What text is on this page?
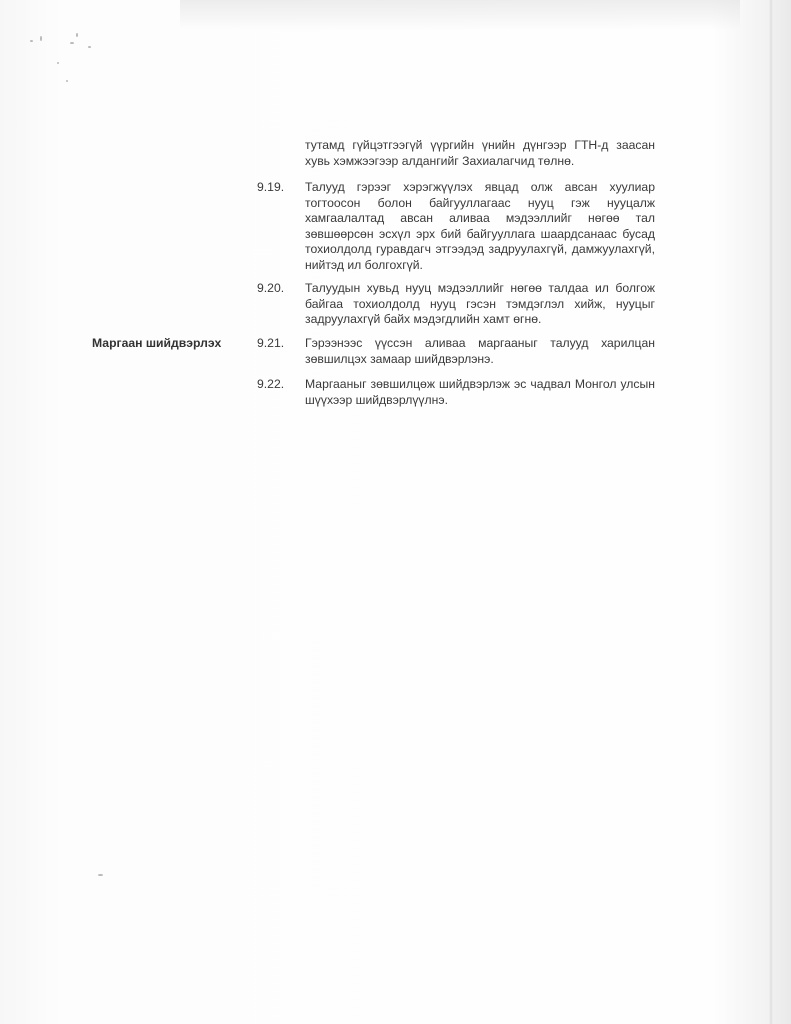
тутамд гүйцэтгээгүй үүргийн үнийн дүнгээр ГТН-д заасан хувь хэмжээгээр алдангийг Захиалагчид төлнө.
9.19.	Талууд гэрээг хэрэгжүүлэх явцад олж авсан хуулиар тогтоосон болон байгууллагаас нууц гэж нууцалж хамгаалалтад авсан аливаа мэдээллийг нөгөө тал зөвшөөрсөн эсхүл эрх бий байгууллага шаардсанаас бусад тохиолдолд гуравдагч этгээдэд задруулахгүй, дамжуулахгүй, нийтэд ил болгохгүй.
9.20.	Талуудын хувьд нууц мэдээллийг нөгөө талдаа ил болгож байгаа тохиолдолд нууц гэсэн тэмдэглэл хийж, нууцыг задруулахгүй байх мэдэгдлийн хамт өгнө.
Маргаан шийдвэрлэх	9.21.	Гэрээнээс үүссэн аливаа маргааныг талууд харилцан зөвшилцэх замаар шийдвэрлэнэ.
9.22.	Маргааныг зөвшилцөж шийдвэрлэж эс чадвал Монгол улсын шүүхээр шийдвэрлүүлнэ.
